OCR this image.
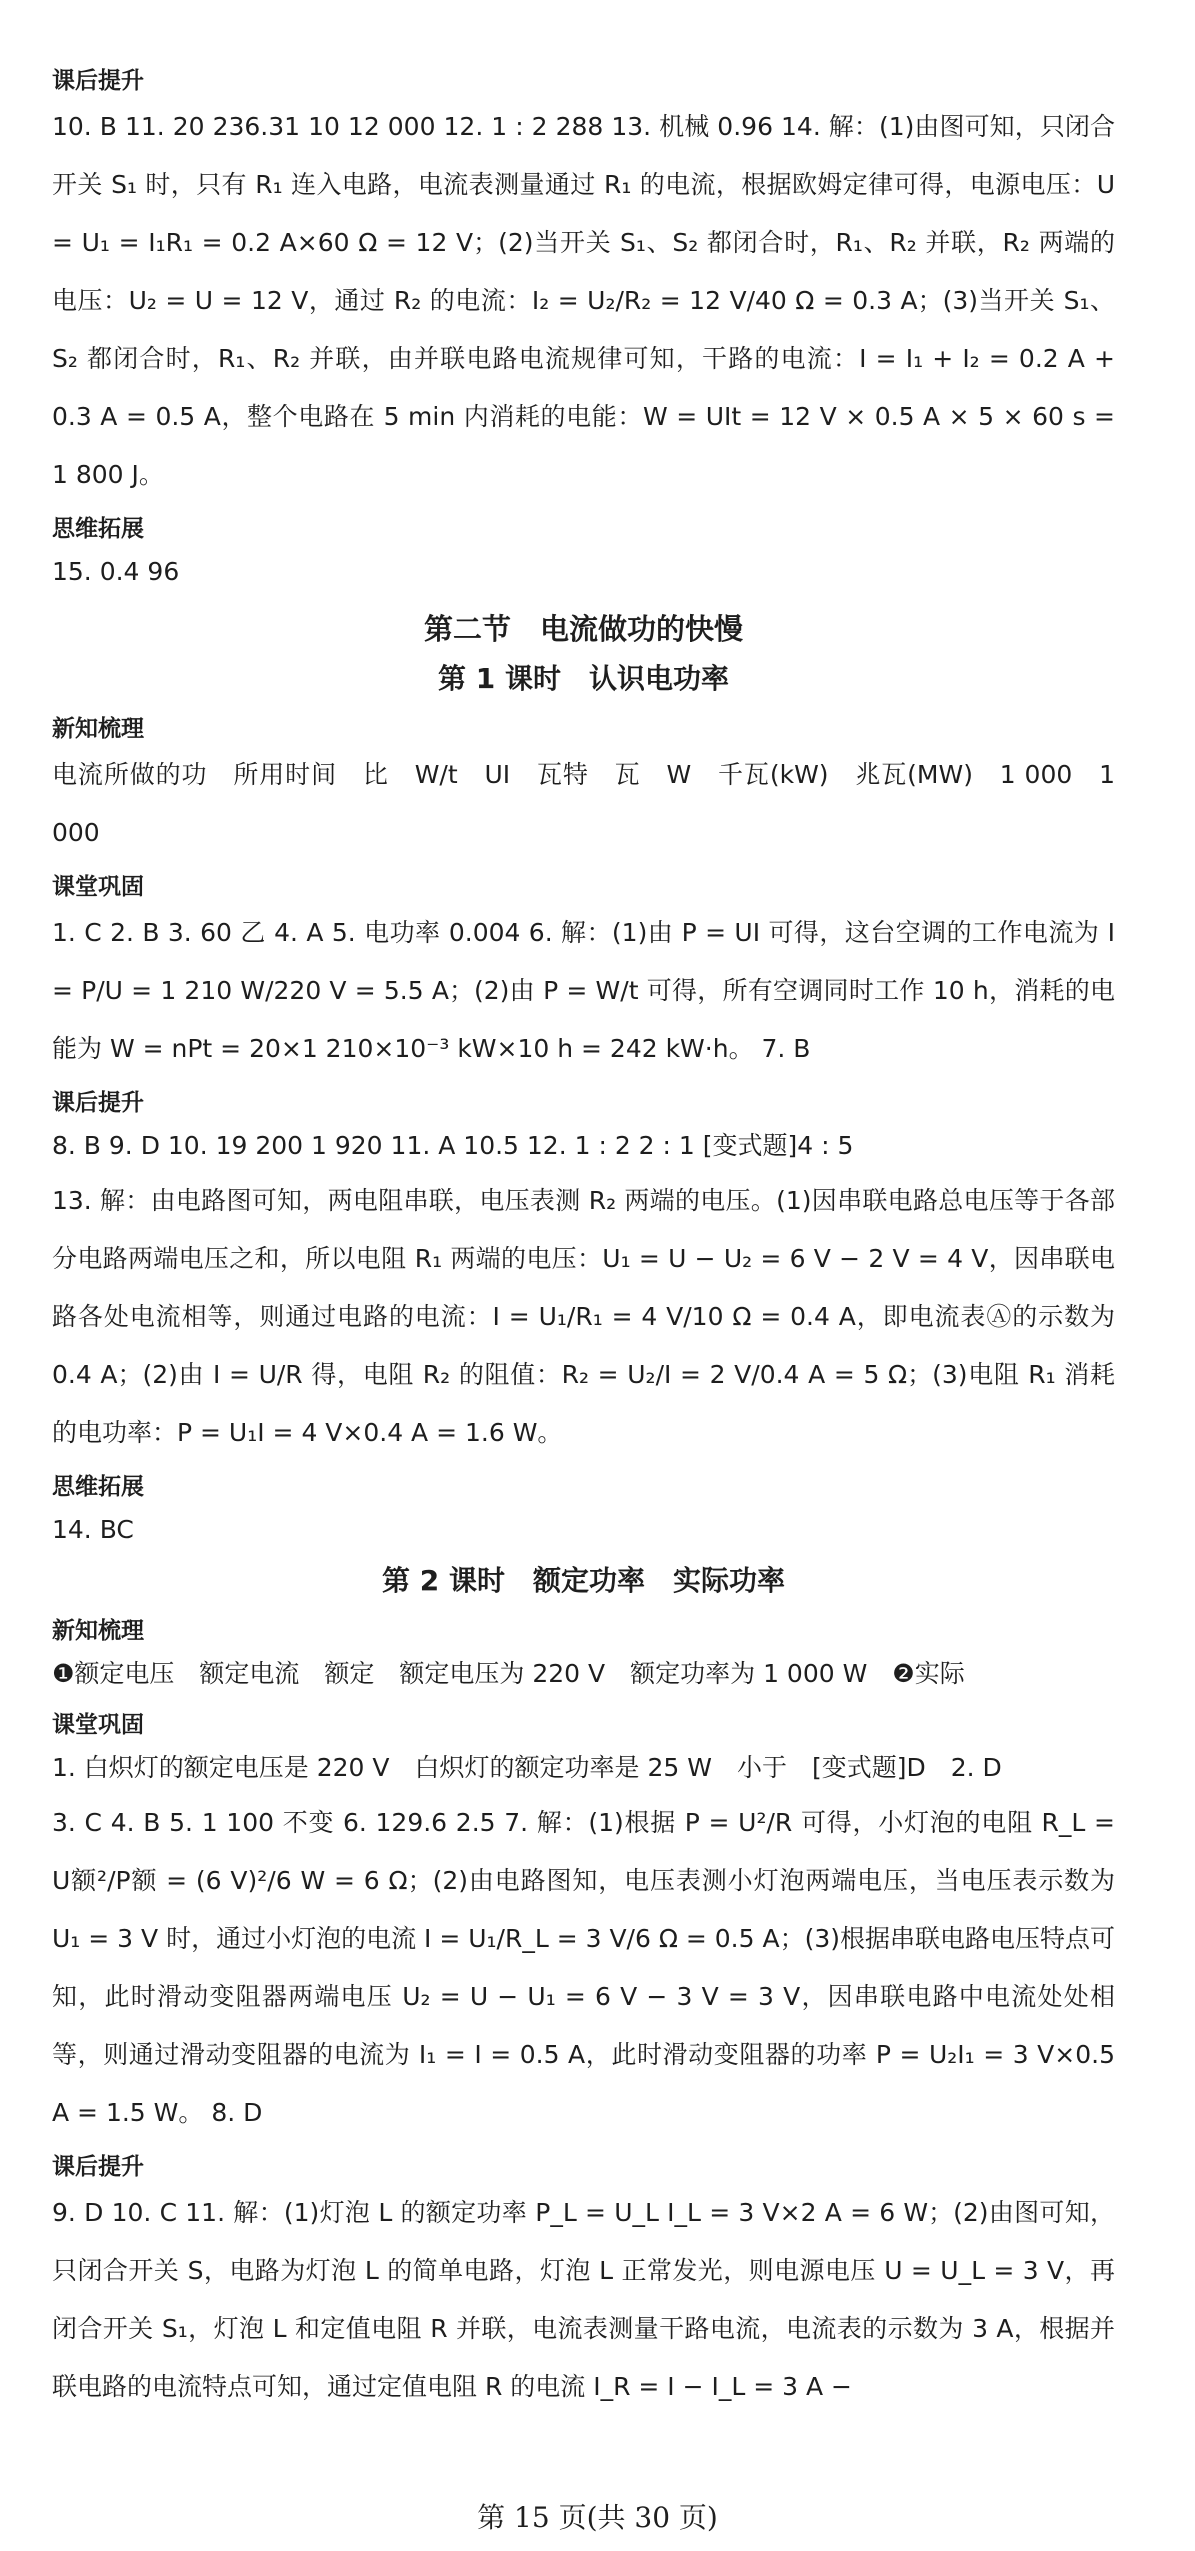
课后提升
10. B 11. 20 236.31 10 12 000 12. 1 : 2 288 13. 机械 0.96 14. 解：(1)由图可知，只闭合开关 S₁ 时，只有 R₁ 连入电路，电流表测量通过 R₁ 的电流，根据欧姆定律可得，电源电压：U = U₁ = I₁R₁ = 0.2 A×60 Ω = 12 V；(2)当开关 S₁、S₂ 都闭合时，R₁、R₂ 并联，R₂ 两端的电压：U₂ = U = 12 V，通过 R₂ 的电流：I₂ = U₂/R₂ = 12 V/40 Ω = 0.3 A；(3)当开关 S₁、S₂ 都闭合时，R₁、R₂ 并联，由并联电路电流规律可知，干路的电流：I = I₁ + I₂ = 0.2 A + 0.3 A = 0.5 A，整个电路在 5 min 内消耗的电能：W = UIt = 12 V × 0.5 A × 5 × 60 s = 1 800 J。
思维拓展
15. 0.4 96
第二节　电流做功的快慢
第 1 课时　认识电功率
新知梳理
电流所做的功　所用时间　比　W/t　UI　瓦特　瓦　W　千瓦(kW)　兆瓦(MW)　1 000　1 000
课堂巩固
1. C 2. B 3. 60 乙 4. A 5. 电功率 0.004 6. 解：(1)由 P = UI 可得，这台空调的工作电流为 I = P/U = 1 210 W/220 V = 5.5 A；(2)由 P = W/t 可得，所有空调同时工作 10 h，消耗的电能为 W = nPt = 20×1 210×10⁻³ kW×10 h = 242 kW·h。 7. B
课后提升
8. B 9. D 10. 19 200 1 920 11. A 10.5 12. 1 : 2 2 : 1 [变式题]4 : 5
13. 解：由电路图可知，两电阻串联，电压表测 R₂ 两端的电压。(1)因串联电路总电压等于各部分电路两端电压之和，所以电阻 R₁ 两端的电压：U₁ = U − U₂ = 6 V − 2 V = 4 V，因串联电路各处电流相等，则通过电路的电流：I = U₁/R₁ = 4 V/10 Ω = 0.4 A，即电流表Ⓐ的示数为 0.4 A；(2)由 I = U/R 得，电阻 R₂ 的阻值：R₂ = U₂/I = 2 V/0.4 A = 5 Ω；(3)电阻 R₁ 消耗的电功率：P = U₁I = 4 V×0.4 A = 1.6 W。
思维拓展
14. BC
第 2 课时　额定功率　实际功率
新知梳理
❶额定电压　额定电流　额定　额定电压为 220 V　额定功率为 1 000 W　❷实际
课堂巩固
1. 白炽灯的额定电压是 220 V　白炽灯的额定功率是 25 W　小于　[变式题]D　2. D
3. C 4. B 5. 1 100 不变 6. 129.6 2.5 7. 解：(1)根据 P = U²/R 可得，小灯泡的电阻 R_L = U额²/P额 = (6 V)²/6 W = 6 Ω；(2)由电路图知，电压表测小灯泡两端电压，当电压表示数为 U₁ = 3 V 时，通过小灯泡的电流 I = U₁/R_L = 3 V/6 Ω = 0.5 A；(3)根据串联电路电压特点可知，此时滑动变阻器两端电压 U₂ = U − U₁ = 6 V − 3 V = 3 V，因串联电路中电流处处相等，则通过滑动变阻器的电流为 I₁ = I = 0.5 A，此时滑动变阻器的功率 P = U₂I₁ = 3 V×0.5 A = 1.5 W。 8. D
课后提升
9. D 10. C 11. 解：(1)灯泡 L 的额定功率 P_L = U_L I_L = 3 V×2 A = 6 W；(2)由图可知，只闭合开关 S，电路为灯泡 L 的简单电路，灯泡 L 正常发光，则电源电压 U = U_L = 3 V，再闭合开关 S₁，灯泡 L 和定值电阻 R 并联，电流表测量干路电流，电流表的示数为 3 A，根据并联电路的电流特点可知，通过定值电阻 R 的电流 I_R = I − I_L = 3 A −
第 15 页(共 30 页)
